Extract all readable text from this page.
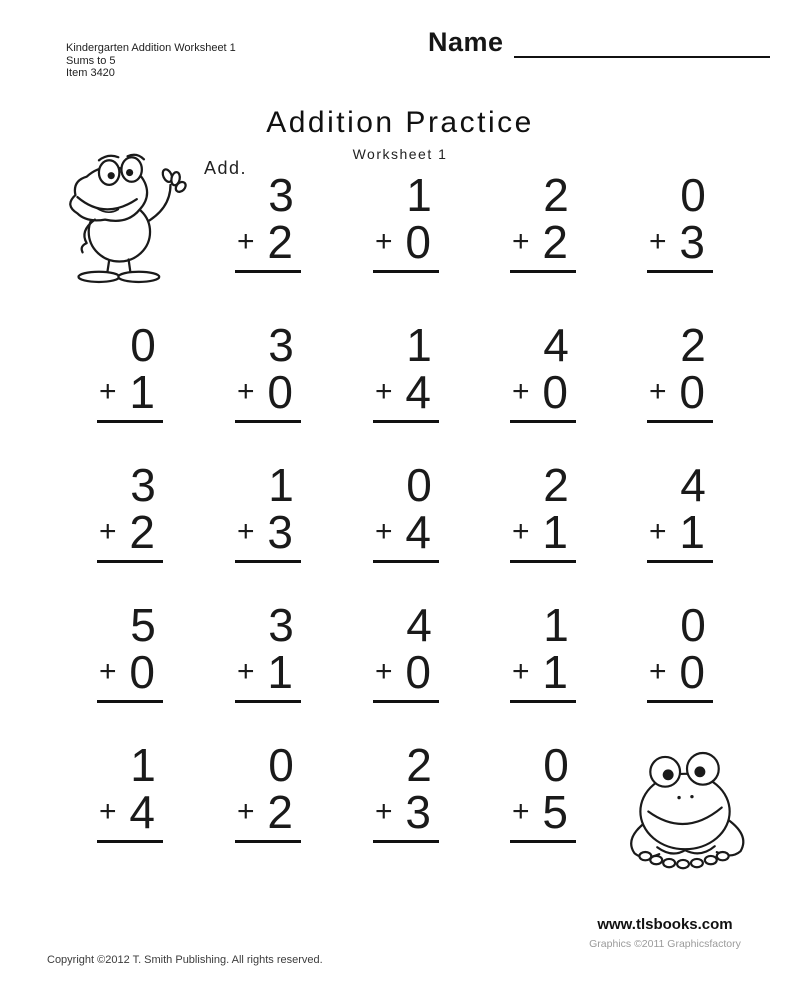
Kindergarten Addition Worksheet 1
Sums to 5
Item 3420
Name
Addition Practice
Worksheet 1
Add.
3
+ 2
1
+ 0
2
+ 2
0
+ 3
0
+ 1
3
+ 0
1
+ 4
4
+ 0
2
+ 0
3
+ 2
1
+ 3
0
+ 4
2
+ 1
4
+ 1
5
+ 0
3
+ 1
4
+ 0
1
+ 1
0
+ 0
1
+ 4
0
+ 2
2
+ 3
0
+ 5
www.tlsbooks.com
Graphics ©2011 Graphicsfactory
Copyright ©2012 T. Smith Publishing. All rights reserved.
